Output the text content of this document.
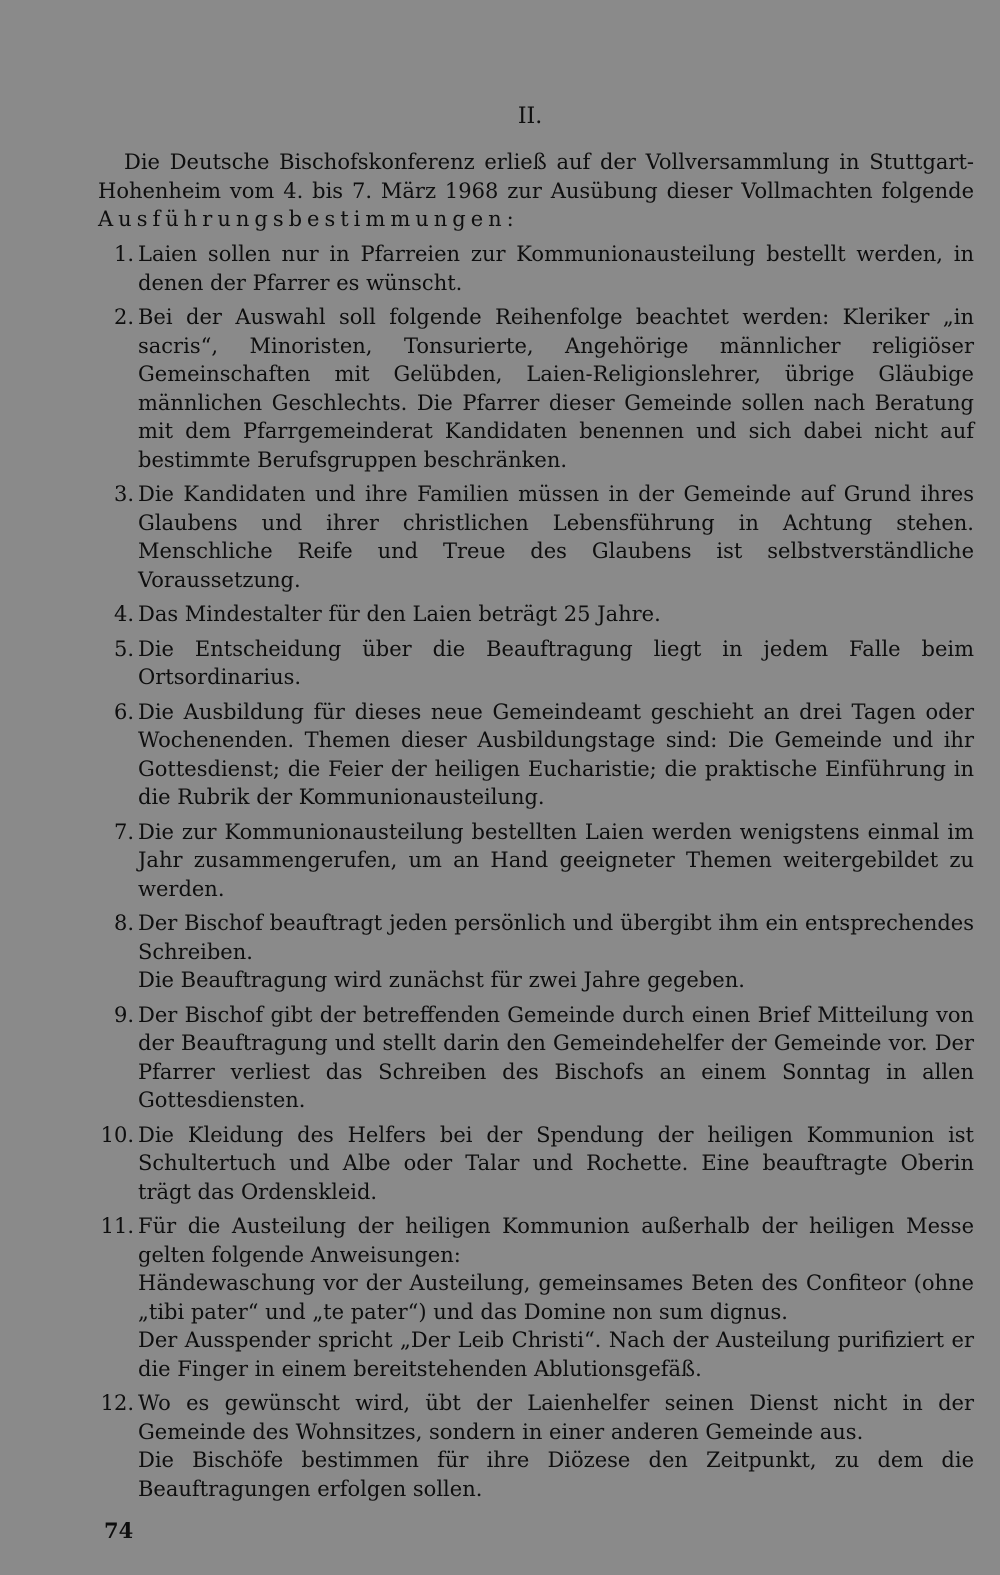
II.
Die Deutsche Bischofskonferenz erließ auf der Vollversammlung in Stuttgart-Hohenheim vom 4. bis 7. März 1968 zur Ausübung dieser Vollmachten folgende Ausführungsbestimmungen:
1. Laien sollen nur in Pfarreien zur Kommunionausteilung bestellt werden, in denen der Pfarrer es wünscht.

2. Bei der Auswahl soll folgende Reihenfolge beachtet werden: Kleriker „in sacris“, Minoristen, Tonsurierte, Angehörige männlicher religiöser Gemeinschaften mit Gelübden, Laien-Religionslehrer, übrige Gläubige männlichen Geschlechts. Die Pfarrer dieser Gemeinde sollen nach Beratung mit dem Pfarrgemeinderat Kandidaten benennen und sich dabei nicht auf bestimmte Berufsgruppen beschränken.

3. Die Kandidaten und ihre Familien müssen in der Gemeinde auf Grund ihres Glaubens und ihrer christlichen Lebensführung in Achtung stehen. Menschliche Reife und Treue des Glaubens ist selbstverständliche Voraussetzung.

4. Das Mindestalter für den Laien beträgt 25 Jahre.

5. Die Entscheidung über die Beauftragung liegt in jedem Falle beim Ortsordinarius.

6. Die Ausbildung für dieses neue Gemeindeamt geschieht an drei Tagen oder Wochenenden. Themen dieser Ausbildungstage sind: Die Gemeinde und ihr Gottesdienst; die Feier der heiligen Eucharistie; die praktische Einführung in die Rubrik der Kommunionausteilung.

7. Die zur Kommunionausteilung bestellten Laien werden wenigstens einmal im Jahr zusammengerufen, um an Hand geeigneter Themen weitergebildet zu werden.

8. Der Bischof beauftragt jeden persönlich und übergibt ihm ein entsprechendes Schreiben.

Die Beauftragung wird zunächst für zwei Jahre gegeben.

9. Der Bischof gibt der betreffenden Gemeinde durch einen Brief Mitteilung von der Beauftragung und stellt darin den Gemeindehelfer der Gemeinde vor. Der Pfarrer verliest das Schreiben des Bischofs an einem Sonntag in allen Gottesdiensten.

10. Die Kleidung des Helfers bei der Spendung der heiligen Kommunion ist Schultertuch und Albe oder Talar und Rochette. Eine beauftragte Oberin trägt das Ordenskleid.

11. Für die Austeilung der heiligen Kommunion außerhalb der heiligen Messe gelten folgende Anweisungen:

Händewaschung vor der Austeilung, gemeinsames Beten des Confiteor (ohne „tibi pater“ und „te pater“) und das Domine non sum dignus.

Der Ausspender spricht „Der Leib Christi“. Nach der Austeilung purifiziert er die Finger in einem bereitstehenden Ablutionsgefäß.

12. Wo es gewünscht wird, übt der Laienhelfer seinen Dienst nicht in der Gemeinde des Wohnsitzes, sondern in einer anderen Gemeinde aus.

Die Bischöfe bestimmen für ihre Diözese den Zeitpunkt, zu dem die Beauftragungen erfolgen sollen.

74
